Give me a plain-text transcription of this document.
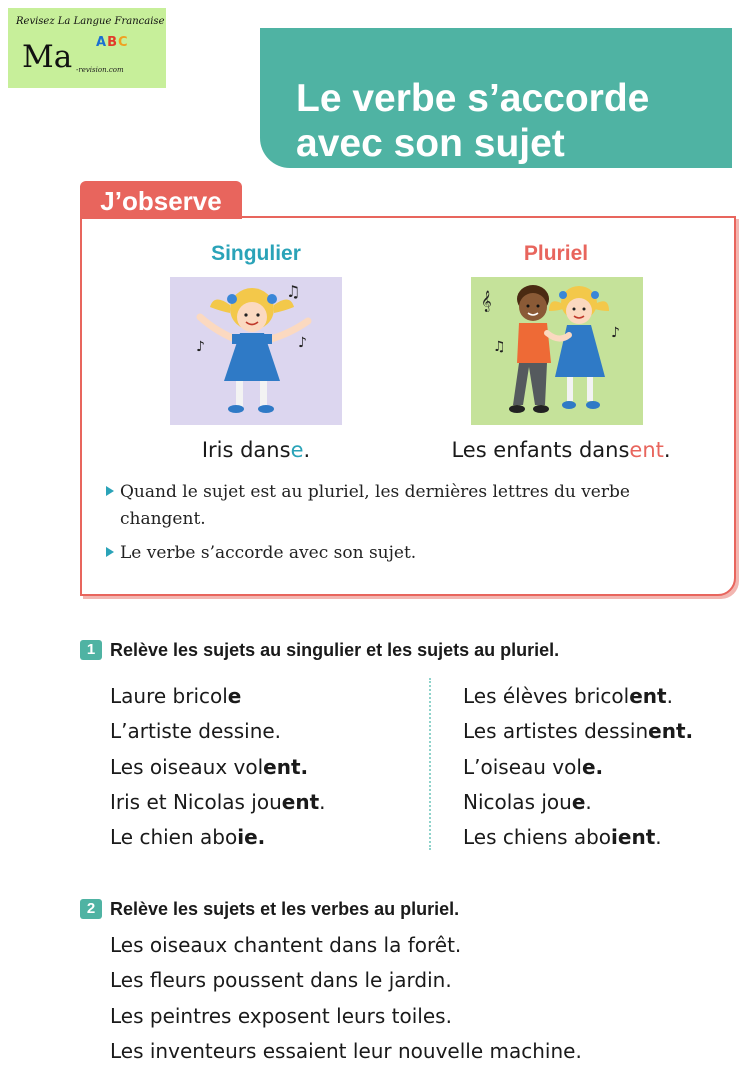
Revisez La Langue Francaise
Ma ABC
-revision.com
Le verbe s’accorde
avec son sujet
J’observe
Singulier	Pluriel
♫
♪	♪
𝄞
♫
♪
Iris danse.	Les enfants dansent.
Quand le sujet est au pluriel, les dernières lettres du verbe
changent.
Le verbe s’accorde avec son sujet.
1 Relève les sujets au singulier et les sujets au pluriel.
Laure bricole
L’artiste dessine.
Les oiseaux volent.
Iris et Nicolas jouent.
Le chien aboie.
Les élèves bricolent.
Les artistes dessinent.
L’oiseau vole.
Nicolas joue.
Les chiens aboient.
2 Relève les sujets et les verbes au pluriel.
Les oiseaux chantent dans la forêt.
Les fleurs poussent dans le jardin.
Les peintres exposent leurs toiles.
Les inventeurs essaient leur nouvelle machine.
